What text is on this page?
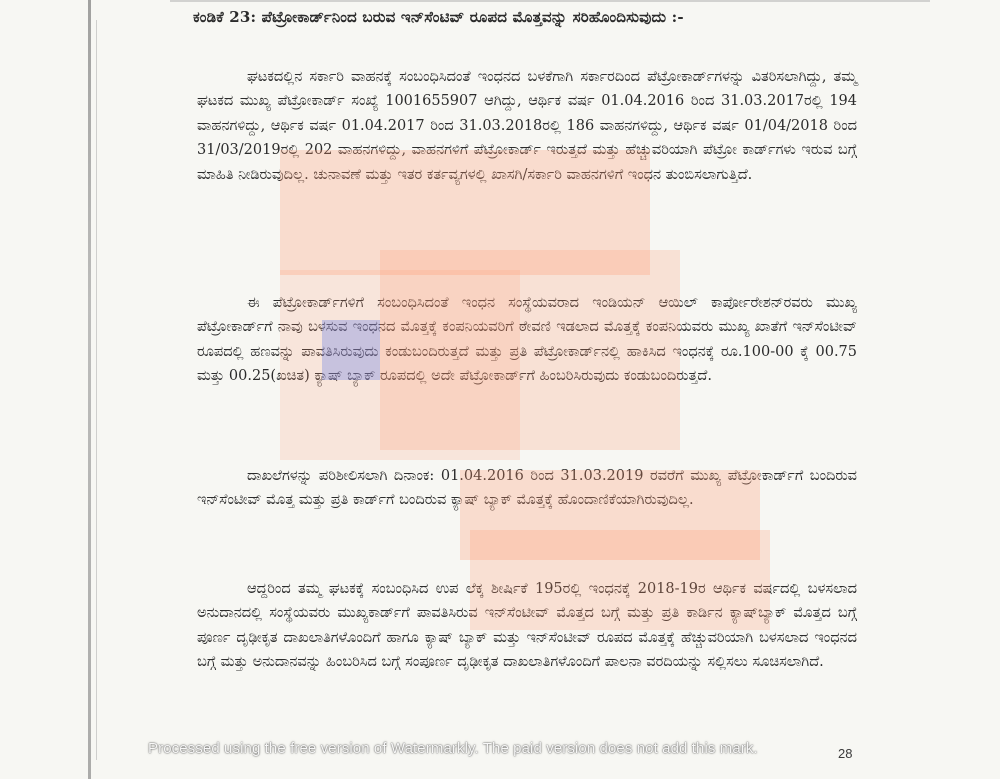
ಕಂಡಿಕೆ 23: ಪೆಟ್ರೋಕಾರ್ಡ್‌ನಿಂದ ಬರುವ ಇನ್‌ಸೆಂಟಿವ್ ರೂಪದ ಮೊತ್ತವನ್ನು ಸರಿಹೊಂದಿಸುವುದು :-

ಘಟಕದಲ್ಲಿನ ಸರ್ಕಾರಿ ವಾಹನಕ್ಕೆ ಸಂಬಂಧಿಸಿದಂತೆ ಇಂಧನದ ಬಳಕೆಗಾಗಿ ಸರ್ಕಾರದಿಂದ ಪೆಟ್ರೋಕಾರ್ಡ್‌ಗಳನ್ನು ವಿತರಿಸಲಾಗಿದ್ದು, ತಮ್ಮ ಘಟಕದ ಮುಖ್ಯ ಪೆಟ್ರೋಕಾರ್ಡ್ ಸಂಖ್ಯೆ 1001655907 ಆಗಿದ್ದು, ಆರ್ಥಿಕ ವರ್ಷ 01.04.2016 ರಿಂದ 31.03.2017ರಲ್ಲಿ 194 ವಾಹನಗಳಿದ್ದು, ಆರ್ಥಿಕ ವರ್ಷ 01.04.2017 ರಿಂದ 31.03.2018ರಲ್ಲಿ 186 ವಾಹನಗಳಿದ್ದು, ಆರ್ಥಿಕ ವರ್ಷ 01/04/2018 ರಿಂದ 31/03/2019ರಲ್ಲಿ 202 ವಾಹನಗಳಿದ್ದು, ವಾಹನಗಳಿಗೆ ಪೆಟ್ರೋಕಾರ್ಡ್ ಇರುತ್ತದೆ ಮತ್ತು ಹೆಚ್ಚುವರಿಯಾಗಿ ಪೆಟ್ರೋ ಕಾರ್ಡ್‌ಗಳು ಇರುವ ಬಗ್ಗೆ ಮಾಹಿತಿ ನೀಡಿರುವುದಿಲ್ಲ. ಚುನಾವಣೆ ಮತ್ತು ಇತರ ಕರ್ತವ್ಯಗಳಲ್ಲಿ ಖಾಸಗಿ/ಸರ್ಕಾರಿ ವಾಹನಗಳಿಗೆ ಇಂಧನ ತುಂಬಿಸಲಾಗುತ್ತಿದೆ.

ಈ ಪೆಟ್ರೋಕಾರ್ಡ್‌ಗಳಿಗೆ ಸಂಬಂಧಿಸಿದಂತೆ ಇಂಧನ ಸಂಸ್ಥೆಯವರಾದ ಇಂಡಿಯನ್ ಆಯಿಲ್ ಕಾರ್ಪೋರೇಶನ್‌ರವರು ಮುಖ್ಯ ಪೆಟ್ರೋಕಾರ್ಡ್‌ಗೆ ನಾವು ಬಳಸುವ ಇಂಧನದ ಮೊತ್ತಕ್ಕೆ ಕಂಪನಿಯವರಿಗೆ ಠೇವಣಿ ಇಡಲಾದ ಮೊತ್ತಕ್ಕೆ ಕಂಪನಿಯವರು ಮುಖ್ಯ ಖಾತೆಗೆ ಇನ್‌ಸೆಂಟೀವ್ ರೂಪದಲ್ಲಿ ಹಣವನ್ನು ಪಾವತಿಸಿರುವುದು ಕಂಡುಬಂದಿರುತ್ತದೆ ಮತ್ತು ಪ್ರತಿ ಪೆಟ್ರೋಕಾರ್ಡ್‌ನಲ್ಲಿ ಹಾಕಿಸಿದ ಇಂಧನಕ್ಕೆ ರೂ.100-00 ಕ್ಕೆ 00.75 ಮತ್ತು 00.25(ಖಚಿತ) ಕ್ಯಾಷ್ ಬ್ಯಾಕ್ ರೂಪದಲ್ಲಿ ಅದೇ ಪೆಟ್ರೋಕಾರ್ಡ್‌ಗೆ ಹಿಂಬರಿಸಿರುವುದು ಕಂಡುಬಂದಿರುತ್ತದೆ.

ದಾಖಲೆಗಳನ್ನು ಪರಿಶೀಲಿಸಲಾಗಿ ದಿನಾಂಕ: 01.04.2016 ರಿಂದ 31.03.2019 ರವರೆಗೆ ಮುಖ್ಯ ಪೆಟ್ರೋಕಾರ್ಡ್‌ಗೆ ಬಂದಿರುವ ಇನ್‌ಸೆಂಟೀವ್ ಮೊತ್ತ ಮತ್ತು ಪ್ರತಿ ಕಾರ್ಡ್‌ಗೆ ಬಂದಿರುವ ಕ್ಯಾಷ್ ಬ್ಯಾಕ್ ಮೊತ್ತಕ್ಕೆ ಹೊಂದಾಣಿಕೆಯಾಗಿರುವುದಿಲ್ಲ.

ಆದ್ದರಿಂದ ತಮ್ಮ ಘಟಕಕ್ಕೆ ಸಂಬಂಧಿಸಿದ ಉಪ ಲೆಕ್ಕ ಶೀರ್ಷಿಕೆ 195ರಲ್ಲಿ ಇಂಧನಕ್ಕೆ 2018-19ರ ಆರ್ಥಿಕ ವರ್ಷದಲ್ಲಿ ಬಳಸಲಾದ ಅನುದಾನದಲ್ಲಿ ಸಂಸ್ಥೆಯವರು ಮುಖ್ಯಕಾರ್ಡ್‌ಗೆ ಪಾವತಿಸಿರುವ ಇನ್‌ಸೆಂಟೀವ್ ಮೊತ್ತದ ಬಗ್ಗೆ ಮತ್ತು ಪ್ರತಿ ಕಾರ್ಡಿನ ಕ್ಯಾಷ್‌ಬ್ಯಾಕ್ ಮೊತ್ತದ ಬಗ್ಗೆ ಪೂರ್ಣ ದೃಢೀಕೃತ ದಾಖಲಾತಿಗಳೊಂದಿಗೆ ಹಾಗೂ ಕ್ಯಾಷ್ ಬ್ಯಾಕ್ ಮತ್ತು ಇನ್‌ಸೆಂಟೀವ್ ರೂಪದ ಮೊತ್ತಕ್ಕೆ ಹೆಚ್ಚುವರಿಯಾಗಿ ಬಳಸಲಾದ ಇಂಧನದ ಬಗ್ಗೆ ಮತ್ತು ಅನುದಾನವನ್ನು ಹಿಂಬರಿಸಿದ ಬಗ್ಗೆ ಸಂಪೂರ್ಣ ದೃಢೀಕೃತ ದಾಖಲಾತಿಗಳೊಂದಿಗೆ ಪಾಲನಾ ವರದಿಯನ್ನು ಸಲ್ಲಿಸಲು ಸೂಚಿಸಲಾಗಿದೆ.

Processed using the free version of Watermarkly. The paid version does not add this mark.	28
